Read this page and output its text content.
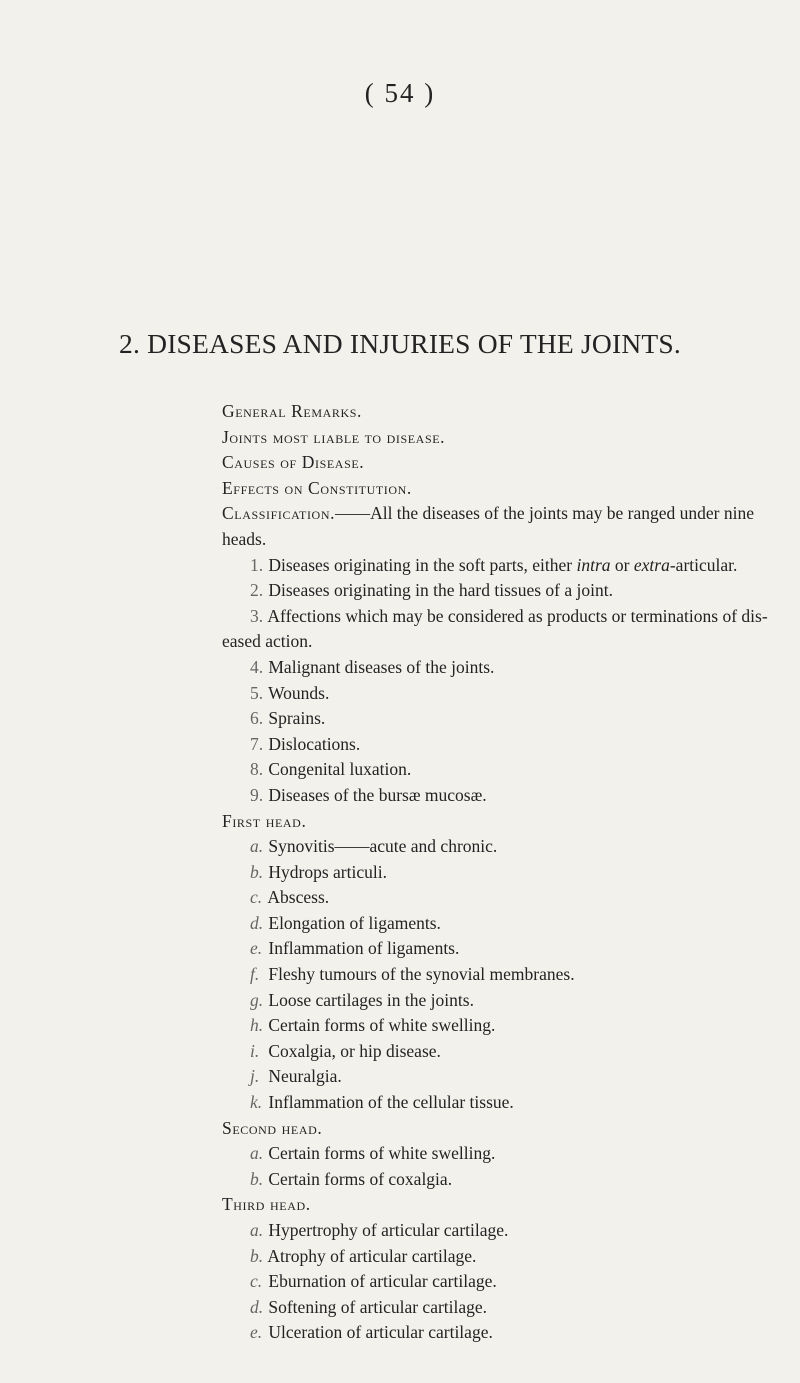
( 54 )
2. DISEASES AND INJURIES OF THE JOINTS.
General Remarks.
Joints most liable to disease.
Causes of Disease.
Effects on Constitution.
Classification.——All the diseases of the joints may be ranged under nine
heads.
1. Diseases originating in the soft parts, either intra or extra-articular.
2. Diseases originating in the hard tissues of a joint.
3. Affections which may be considered as products or terminations of dis-
eased action.
4. Malignant diseases of the joints.
5. Wounds.
6. Sprains.
7. Dislocations.
8. Congenital luxation.
9. Diseases of the bursæ mucosæ.
First head.
a. Synovitis——acute and chronic.
b. Hydrops articuli.
c. Abscess.
d. Elongation of ligaments.
e. Inflammation of ligaments.
f. Fleshy tumours of the synovial membranes.
g. Loose cartilages in the joints.
h. Certain forms of white swelling.
i. Coxalgia, or hip disease.
j. Neuralgia.
k. Inflammation of the cellular tissue.
Second head.
a. Certain forms of white swelling.
b. Certain forms of coxalgia.
Third head.
a. Hypertrophy of articular cartilage.
b. Atrophy of articular cartilage.
c. Eburnation of articular cartilage.
d. Softening of articular cartilage.
e. Ulceration of articular cartilage.
